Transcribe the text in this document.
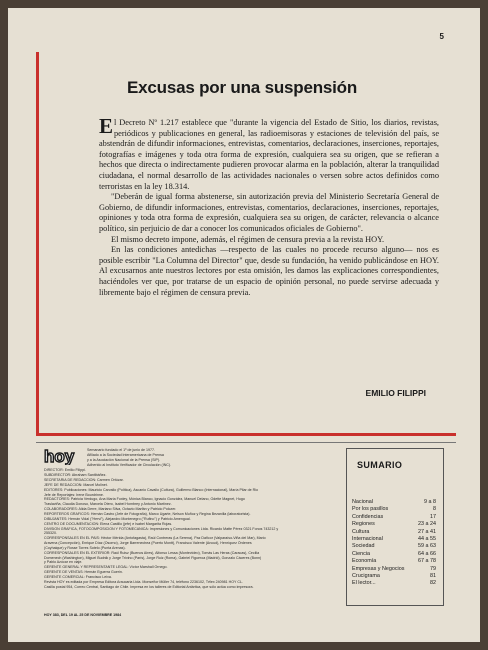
5
Excusas por una suspensión

El Decreto Nº 1.217 establece que "durante la vigencia del Estado de Sitio, los diarios, revistas, periódicos y publicaciones en general, las radioemisoras y estaciones de televisión del país, se abstendrán de difundir informaciones, entrevistas, comentarios, declaraciones, inserciones, reportajes, fotografías e imágenes y toda otra forma de expresión, cualquiera sea su origen, que se refieran a hechos que directa o indirectamente pudieren provocar alarma en la población, alterar la tranquilidad ciudadana, el normal desarrollo de las actividades nacionales o versen sobre actos definidos como terroristas en la ley 18.314.

"Deberán de igual forma abstenerse, sin autorización previa del Ministerio Secretaría General de Gobierno, de difundir informaciones, entrevistas, comentarios, declaraciones, inserciones, reportajes, opiniones y toda otra forma de expresión, cualquiera sea su origen, de carácter, relevancia o alcance político, sin perjuicio de dar a conocer los comunicados oficiales de Gobierno".

El mismo decreto impone, además, el régimen de censura previa a la revista HOY.

En las condiciones antedichas —respecto de las cuales no procede recurso alguno— nos es posible escribir "La Columna del Director" que, desde su fundación, ha venido publicándose en HOY. Al excusarnos ante nuestros lectores por esta omisión, les damos las explicaciones correspondientes, haciéndoles ver que, por tratarse de un espacio de opinión personal, no puede servirse adecuada y libremente bajo el régimen de censura previa.

EMILIO FILIPPI
hoy	Semanario fundado el 1º de junio de 1977.
Afiliado a la Sociedad Interamericana de Prensa
y a la Asociación Nacional de la Prensa (SIP).
Adherido al Instituto Verificador de Circulación (INC).
DIRECTOR: Emilio Filippi.
SUBDIRECTOR: Abraham Santibáñez.
SECRETARIA DE REDACCION: Carmen Ortúzar.
JEFE DE REDACCION: Marcel Molinet.
EDITORES: Publicaciones: Mauricio Carvallo (Política), Ascanio Cavallo (Cultura), Guillermo Blanco (Internacional), María Pilar de Rio
Jefe de Reportajes: Irene Bourdrinne.
REDACTORES: Patricia Verdugo, Ana María Foxley, Mónica Blanco, Ignacio González, Manuel Delano, Odette Magnet, Hugo
Traslaviña, Claudia Donoso, Marcela Otero, Isabel Hombrey y Antonio Martínez.
COLABORADORES: Alida Derre, Mariano Silva, Octavio Marfán y Patricio Polczer.
REPORTEROS GRAFICOS: Hernán Castro (Jefe de Fotografía), Marco Ugarte, Nelson Muñoz y Regina Bezanilla (laboratorista).
DIBUJANTES: Hernán Vidal ("Hervi"), Alejandro Montenegro ("Rufino") y Patricio Amengual.
CENTRO DE DOCUMENTACION: Elena Castillo (jefe) e Isabel Margarita Rojas.
DIVISION GRAFICA, FOTOCOMPOSICION Y FOTOMECANICA: Impresiones y Comunicaciones Ltda. Ricardo Matte Pérez 0321 Fonos 743212 y
255320.
CORRESPONSALES EN EL PAIS: Héctor Mérida (Antofagasta), Raúl Contreras (La Serena), Paz Dañcor (Valparaíso-Viña del Mar), Mario
Aravena (Concepción), Enrique Díaz (Osorno), Jorge Barrenechea (Puerto Montt), Francisco Valente (Ancud), Henríquez Órdenes
(Coyhaique) y Rosse Torres Sotelo (Punta Arenas).
CORRESPONSALES EN EL EXTERIOR: Raúl Ruisz (Buenos Aires), Alfonso Lessa (Montevideo), Tomás Las Heras (Caracas), Cecilia
Domenech (Washington), Miguel Budnik y Jorge Trivino (París), Jorge Ruiz (Roma), Gabriel Figueroa (Madrid), Gonzalo Cáceres (Bonn)
y Pablo Azócar en viaje.
GERENTE GENERAL Y REPRESENTANTE LEGAL: Víctor Marshall Ornego.
GERENTE DE VENTAS: Hernán Eguerra Guerin.
GERENTE COMERCIAL: Francisco Leiva.
Revista HOY es editada por Empresa Editora Araucaria Ltda. Monseñor Müller 74, teléfono 2236102, Télex 240981 HOY CL.
Casilla postal 954, Correo Central, Santiago de Chile. Impresa en los talleres de Editorial Antártica, que sólo actúa como impresora.
HOY 383, DEL 19 AL 25 DE NOVIEMBRE 1984
SUMARIO
Nacional	9 a 8
Por los pasillos	8
Confidencias	17
Regiones	23 a 24
Cultura	27 a 41
Internacional	44 a 55
Sociedad	59 a 63
Ciencia	64 a 66
Economía	67 a 78
Empresas y Negocios	79
Crucigrama	81
El lector...	82
